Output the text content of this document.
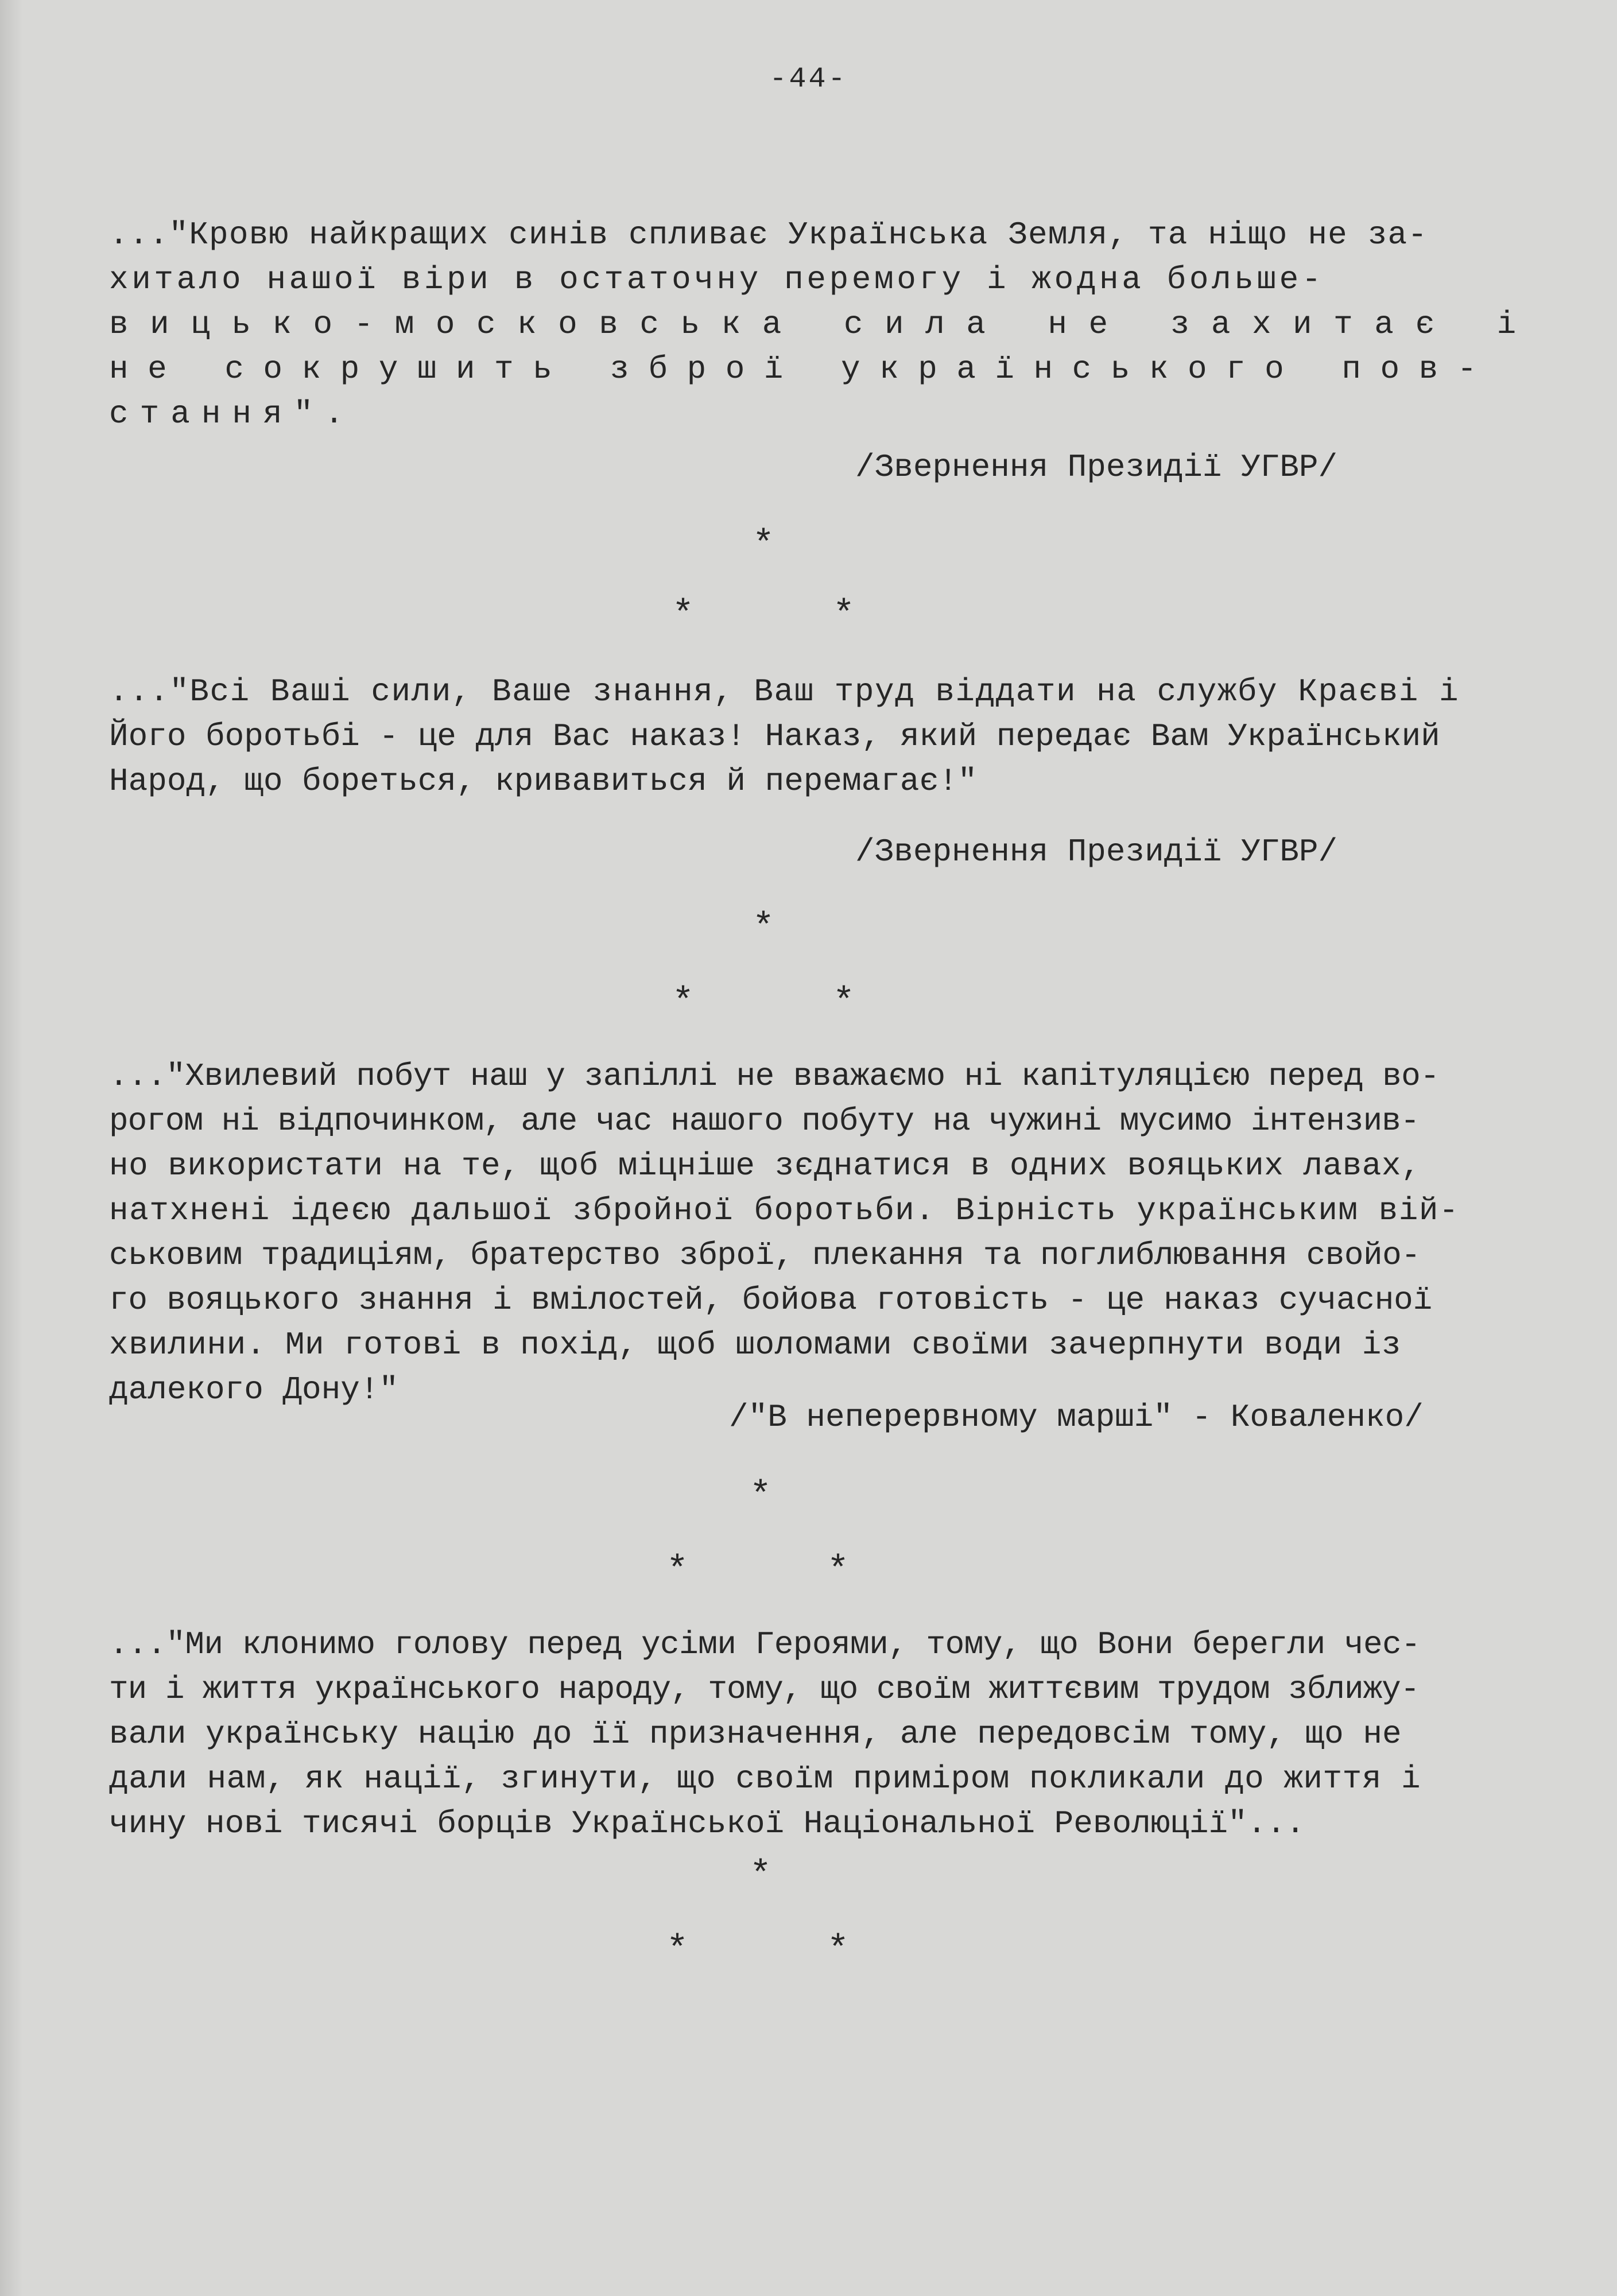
-44-
..."Кровю найкращих синів спливає Українська Земля, та ніщо не за-
хитало нашої віри в остаточну перемогу і жодна больше-
вицько-московська сила не захитає і
не сокрушить зброї українського пов-
стання".
/Звернення Президії УГВР/
*
*	*
..."Всі Ваші сили, Ваше знання, Ваш труд віддати на службу Краєві і
Його боротьбі - це для Вас наказ! Наказ, який передає Вам Український
Народ, що бореться, кривавиться й перемагає!"
/Звернення Президії УГВР/
*
*	*
..."Хвилевий побут наш у запіллі не вважаємо ні капітуляцією перед во-
рогом ні відпочинком, але час нашого побуту на чужині мусимо інтензив-
но використати на те, щоб міцніше зєднатися в одних вояцьких лавах,
натхнені ідеєю дальшої збройної боротьби. Вірність українським вій-
ськовим традиціям, братерство зброї, плекання та поглиблювання свойо-
го вояцького знання і вмілостей, бойова готовість - це наказ сучасної
хвилини. Ми готові в похід, щоб шоломами своїми зачерпнути води із
далекого Дону!"
/"В неперервному марші" - Коваленко/
*
*	*
..."Ми клонимо голову перед усіми Героями, тому, що Вони берегли чес-
ти і життя українського народу, тому, що своїм життєвим трудом зближу-
вали українську націю до її призначення, але передовсім тому, що не
дали нам, як нації, згинути, що своїм приміром покликали до життя і
чину нові тисячі борців Української Національної Революції"...
*
*	*
